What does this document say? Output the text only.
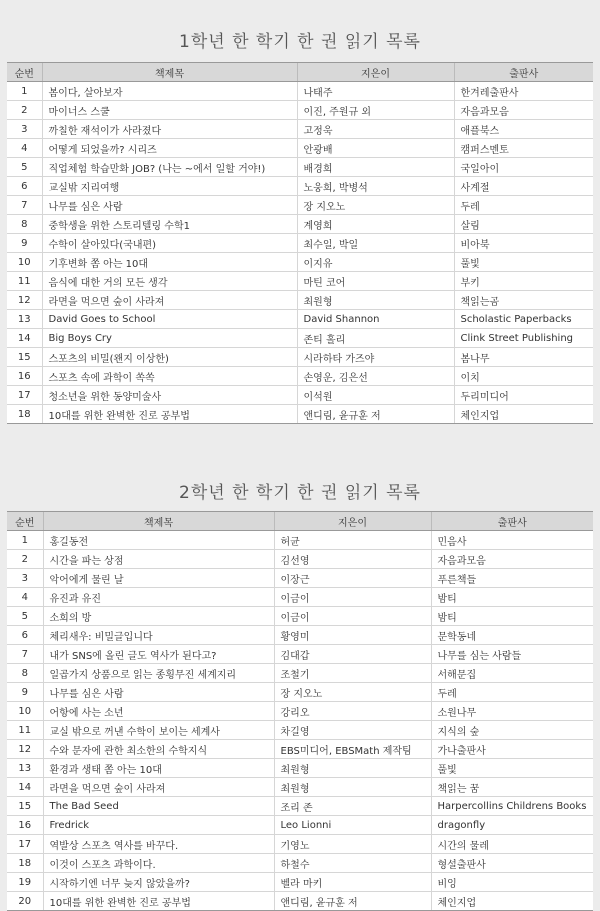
1학년 한 학기 한 권 읽기 목록
순번	책제목	지은이	출판사
1	봄이다, 살아보자	나태주	한겨레출판사
2	마이너스 스쿨	이진, 주원규 외	자음과모음
3	까칠한 재석이가 사라졌다	고정욱	애플북스
4	어떻게 되었을까? 시리즈	안광배	캠퍼스멘토
5	직업체험 학습만화 JOB? (나는 ~에서 일할 거야!)	배경희	국일아이
6	교실밖 지리여행	노웅희, 박병석	사계절
7	나무를 심은 사람	장 지오노	두레
8	중학생을 위한 스토리텔링 수학1	계영희	살림
9	수학이 살아있다(국내편)	최수일, 박일	비아북
10	기후변화 쫌 아는 10대	이지유	풀빛
11	음식에 대한 거의 모든 생각	마틴 코어	부키
12	라면을 먹으면 숲이 사라져	최원형	책읽는곰
13	David Goes to School	David Shannon	Scholastic Paperbacks
14	Big Boys Cry	존티 홀리	Clink Street Publishing
15	스포츠의 비밀(왠지 이상한)	시라하타 가즈야	봄나무
16	스포츠 속에 과학이 쏙쏙	손영운, 김은선	이치
17	청소년을 위한 동양미술사	이석원	두리미디어
18	10대를 위한 완벽한 진로 공부법	앤디림, 윤규훈 저	체인지업
2학년 한 학기 한 권 읽기 목록
순번	책제목	지은이	출판사
1	홍길동전	허균	민음사
2	시간을 파는 상점	김선영	자음과모음
3	악어에게 물린 날	이장근	푸른책들
4	유진과 유진	이금이	밤티
5	소희의 방	이금이	밤티
6	체리새우: 비밀글입니다	황영미	문학동네
7	내가 SNS에 올린 글도 역사가 된다고?	김대갑	나무를 심는 사람들
8	일곱가지 상품으로 읽는 종횡무진 세계지리	조철기	서해문집
9	나무를 심은 사람	장 지오노	두레
10	어항에 사는 소년	강리오	소원나무
11	교실 밖으로 꺼낸 수학이 보이는 세계사	차길영	지식의 숲
12	수와 문자에 관한 최소한의 수학지식	EBS미디어, EBSMath 제작팀	가나출판사
13	환경과 생태 쫌 아는 10대	최원형	풀빛
14	라면을 먹으면 숲이 사라져	최원형	책읽는 꿈
15	The Bad Seed	조리 존	Harpercollins Childrens Books
16	Fredrick	Leo Lionni	dragonfly
17	역발상 스포츠 역사를 바꾸다.	기영노	시간의 물레
18	이것이 스포츠 과학이다.	하철수	형설출판사
19	시작하기엔 너무 늦지 않았을까?	벨라 마키	비잉
20	10대를 위한 완벽한 진로 공부법	앤디림, 윤규훈 저	체인지업
